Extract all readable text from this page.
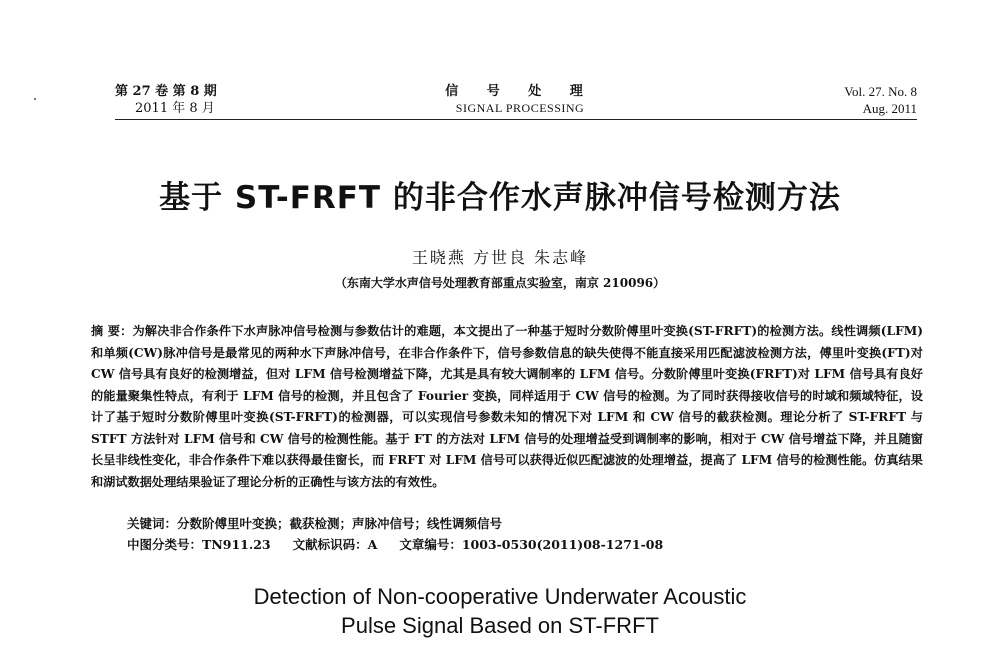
第 27 卷 第 8 期
2011 年 8 月
信 号 处 理
SIGNAL PROCESSING
Vol. 27. No. 8
Aug. 2011
基于 ST-FRFT 的非合作水声脉冲信号检测方法
王晓燕 方世良 朱志峰
（东南大学水声信号处理教育部重点实验室，南京 210096）
摘 要：为解决非合作条件下水声脉冲信号检测与参数估计的难题，本文提出了一种基于短时分数阶傅里叶变换(ST-FRFT)的检测方法。线性调频(LFM)和单频(CW)脉冲信号是最常见的两种水下声脉冲信号，在非合作条件下，信号参数信息的缺失使得不能直接采用匹配滤波检测方法，傅里叶变换(FT)对 CW 信号具有良好的检测增益，但对 LFM 信号检测增益下降，尤其是具有较大调制率的 LFM 信号。分数阶傅里叶变换(FRFT)对 LFM 信号具有良好的能量聚集性特点，有利于 LFM 信号的检测，并且包含了 Fourier 变换，同样适用于 CW 信号的检测。为了同时获得接收信号的时域和频域特征，设计了基于短时分数阶傅里叶变换(ST-FRFT)的检测器，可以实现信号参数未知的情况下对 LFM 和 CW 信号的截获检测。理论分析了 ST-FRFT 与 STFT 方法针对 LFM 信号和 CW 信号的检测性能。基于 FT 的方法对 LFM 信号的处理增益受到调制率的影响，相对于 CW 信号增益下降，并且随窗长呈非线性变化，非合作条件下难以获得最佳窗长，而 FRFT 对 LFM 信号可以获得近似匹配滤波的处理增益，提高了 LFM 信号的检测性能。仿真结果和湖试数据处理结果验证了理论分析的正确性与该方法的有效性。
关键词：分数阶傅里叶变换；截获检测；声脉冲信号；线性调频信号
中图分类号：TN911.23 文献标识码：A 文章编号：1003-0530(2011)08-1271-08
Detection of Non-cooperative Underwater Acoustic
Pulse Signal Based on ST-FRFT
